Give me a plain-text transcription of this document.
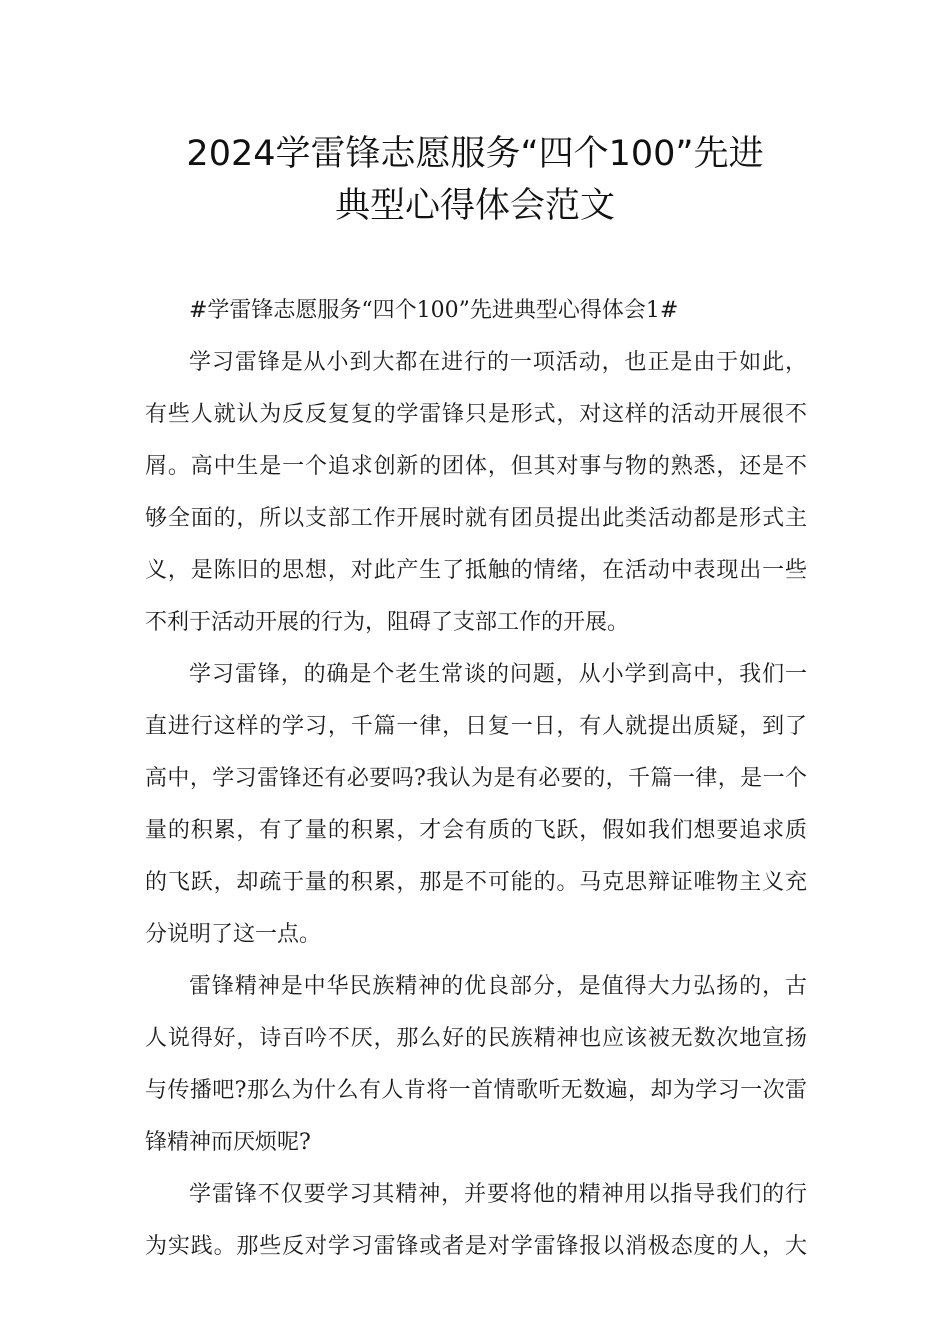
2024学雷锋志愿服务“四个100”先进
典型心得体会范文
#学雷锋志愿服务“四个100”先进典型心得体会1#
学习雷锋是从小到大都在进行的一项活动，也正是由于如此，
有些人就认为反反复复的学雷锋只是形式，对这样的活动开展很不
屑。高中生是一个追求创新的团体，但其对事与物的熟悉，还是不
够全面的，所以支部工作开展时就有团员提出此类活动都是形式主
义，是陈旧的思想，对此产生了抵触的情绪，在活动中表现出一些
不利于活动开展的行为，阻碍了支部工作的开展。
学习雷锋，的确是个老生常谈的问题，从小学到高中，我们一
直进行这样的学习，千篇一律，日复一日，有人就提出质疑，到了
高中，学习雷锋还有必要吗?我认为是有必要的，千篇一律，是一个
量的积累，有了量的积累，才会有质的飞跃，假如我们想要追求质
的飞跃，却疏于量的积累，那是不可能的。马克思辩证唯物主义充
分说明了这一点。
雷锋精神是中华民族精神的优良部分，是值得大力弘扬的，古
人说得好，诗百吟不厌，那么好的民族精神也应该被无数次地宣扬
与传播吧?那么为什么有人肯将一首情歌听无数遍，却为学习一次雷
锋精神而厌烦呢?
学雷锋不仅要学习其精神，并要将他的精神用以指导我们的行
为实践。那些反对学习雷锋或者是对学雷锋报以消极态度的人，大
